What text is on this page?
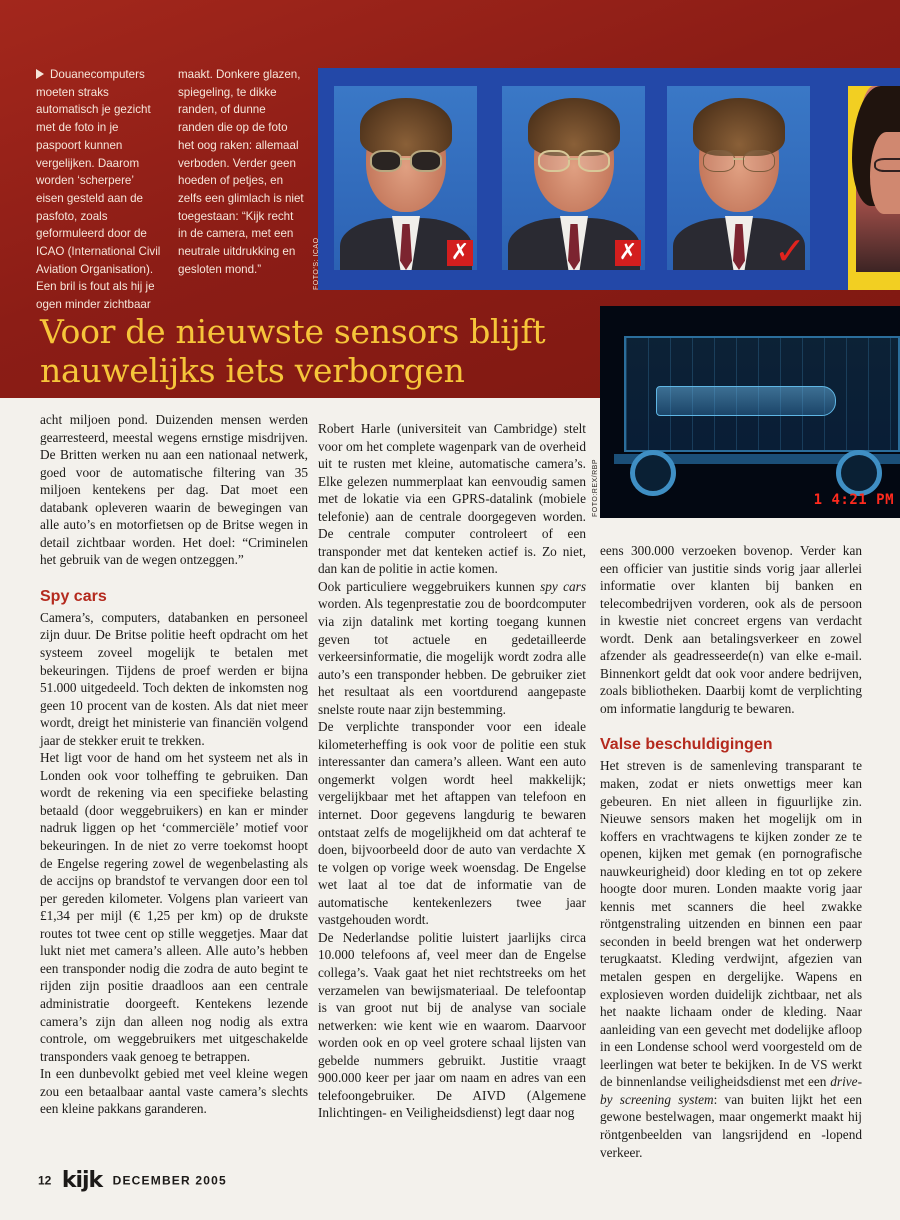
Douanecomputers moeten straks automatisch je gezicht met de foto in je paspoort kunnen vergelijken. Daarom worden ‘scherpere’ eisen gesteld aan de pasfoto, zoals geformuleerd door de ICAO (International Civil Aviation Organisation). Een bril is fout als hij je ogen minder zichtbaar
maakt. Donkere glazen, spiegeling, te dikke randen, of dunne randen die op de foto het oog raken: allemaal verboden. Verder geen hoeden of petjes, en zelfs een glimlach is niet toegestaan: “Kijk recht in de camera, met een neutrale uitdrukking en gesloten mond.”
✗	✗	✓
FOTO’S: ICAO
Voor de nieuwste sensors blijft
nauwelijks iets verborgen
1 4:21 PM
FOTO:REX/RBP

acht miljoen pond. Duizenden mensen werden gearresteerd, meestal wegens ernstige misdrijven. De Britten werken nu aan een nationaal netwerk, goed voor de automatische filtering van 35 miljoen kentekens per dag. Dat moet een databank opleveren waarin de bewegingen van alle auto’s en motorfietsen op de Britse wegen in detail zichtbaar worden. Het doel: “Criminelen het gebruik van de wegen ontzeggen.”

Spy cars

Camera’s, computers, databanken en personeel zijn duur. De Britse politie heeft opdracht om het systeem zoveel mogelijk te betalen met bekeuringen. Tijdens de proef werden er bijna 51.000 uitgedeeld. Toch dekten de inkomsten nog geen 10 procent van de kosten. Als dat niet meer wordt, dreigt het ministerie van financiën volgend jaar de stekker eruit te trekken.

Het ligt voor de hand om het systeem net als in Londen ook voor tolheffing te gebruiken. Dan wordt de rekening via een specifieke belasting betaald (door weggebruikers) en kan er minder nadruk liggen op het ‘commerciële’ motief voor bekeuringen. In de niet zo verre toekomst hoopt de Engelse regering zowel de wegenbelasting als de accijns op brandstof te vervangen door een tol per gereden kilometer. Volgens plan varieert van £1,34 per mijl (€ 1,25 per km) op de drukste routes tot twee cent op stille weggetjes. Maar dat lukt niet met camera’s alleen. Alle auto’s hebben een transponder nodig die zodra de auto begint te rijden zijn positie draadloos aan een centrale administratie doorgeeft. Kentekens lezende camera’s zijn dan alleen nog nodig als extra controle, om weggebruikers met uitgeschakelde transponders vaak genoeg te betrappen.

In een dunbevolkt gebied met veel kleine wegen zou een betaalbaar aantal vaste camera’s slechts een kleine pakkans garanderen.

Robert Harle (universiteit van Cambridge) stelt voor om het complete wagenpark van de overheid uit te rusten met kleine, automatische camera’s. Elke gelezen nummerplaat kan eenvoudig samen met de lokatie via een GPRS-datalink (mobiele telefonie) aan de centrale doorgegeven worden. De centrale computer controleert of een transponder met dat kenteken actief is. Zo niet, dan kan de politie in actie komen.

Ook particuliere weggebruikers kunnen spy cars worden. Als tegenprestatie zou de boordcomputer via zijn datalink met korting toegang kunnen geven tot actuele en gedetailleerde verkeersinformatie, die mogelijk wordt zodra alle auto’s een transponder hebben. De gebruiker ziet het resultaat als een voortdurend aangepaste snelste route naar zijn bestemming.

De verplichte transponder voor een ideale kilometerheffing is ook voor de politie een stuk interessanter dan camera’s alleen. Want een auto ongemerkt volgen wordt heel makkelijk; vergelijkbaar met het aftappen van telefoon en internet. Door gegevens langdurig te bewaren ontstaat zelfs de mogelijkheid om dat achteraf te doen, bijvoorbeeld door de auto van verdachte X te volgen op vorige week woensdag. De Engelse wet laat al toe dat de informatie van de automatische kentekenlezers twee jaar vastgehouden wordt.

De Nederlandse politie luistert jaarlijks circa 10.000 telefoons af, veel meer dan de Engelse collega’s. Vaak gaat het niet rechtstreeks om het verzamelen van bewijsmateriaal. De telefoontap is van groot nut bij de analyse van sociale netwerken: wie kent wie en waarom. Daarvoor worden ook en op veel grotere schaal lijsten van gebelde nummers gebruikt. Justitie vraagt 900.000 keer per jaar om naam en adres van een telefoongebruiker. De AIVD (Algemene Inlichtingen- en Veiligheidsdienst) legt daar nog

eens 300.000 verzoeken bovenop. Verder kan een officier van justitie sinds vorig jaar allerlei informatie over klanten bij banken en telecombedrijven vorderen, ook als de persoon in kwestie niet concreet ergens van verdacht wordt. Denk aan betalingsverkeer en zowel afzender als geadresseerde(n) van elke e-mail. Binnenkort geldt dat ook voor andere bedrijven, zoals bibliotheken. Daarbij komt de verplichting om informatie langdurig te bewaren.

Valse beschuldigingen

Het streven is de samenleving transparant te maken, zodat er niets onwettigs meer kan gebeuren. En niet alleen in figuurlijke zin. Nieuwe sensors maken het mogelijk om in koffers en vrachtwagens te kijken zonder ze te openen, kijken met gemak (en pornografische nauwkeurigheid) door kleding en tot op zekere hoogte door muren. Londen maakte vorig jaar kennis met scanners die heel zwakke röntgenstraling uitzenden en binnen een paar seconden in beeld brengen wat het onderwerp terugkaatst. Kleding verdwijnt, afgezien van metalen gespen en dergelijke. Wapens en explosieven worden duidelijk zichtbaar, net als het naakte lichaam onder de kleding. Naar aanleiding van een gevecht met dodelijke afloop in een Londense school werd voorgesteld om de leerlingen wat beter te bekijken. In de VS werkt de binnenlandse veiligheidsdienst met een drive-by screening system: van buiten lijkt het een gewone bestelwagen, maar ongemerkt maakt hij röntgenbeelden van langsrijdend en -lopend verkeer.

12 kijk DECEMBER 2005
